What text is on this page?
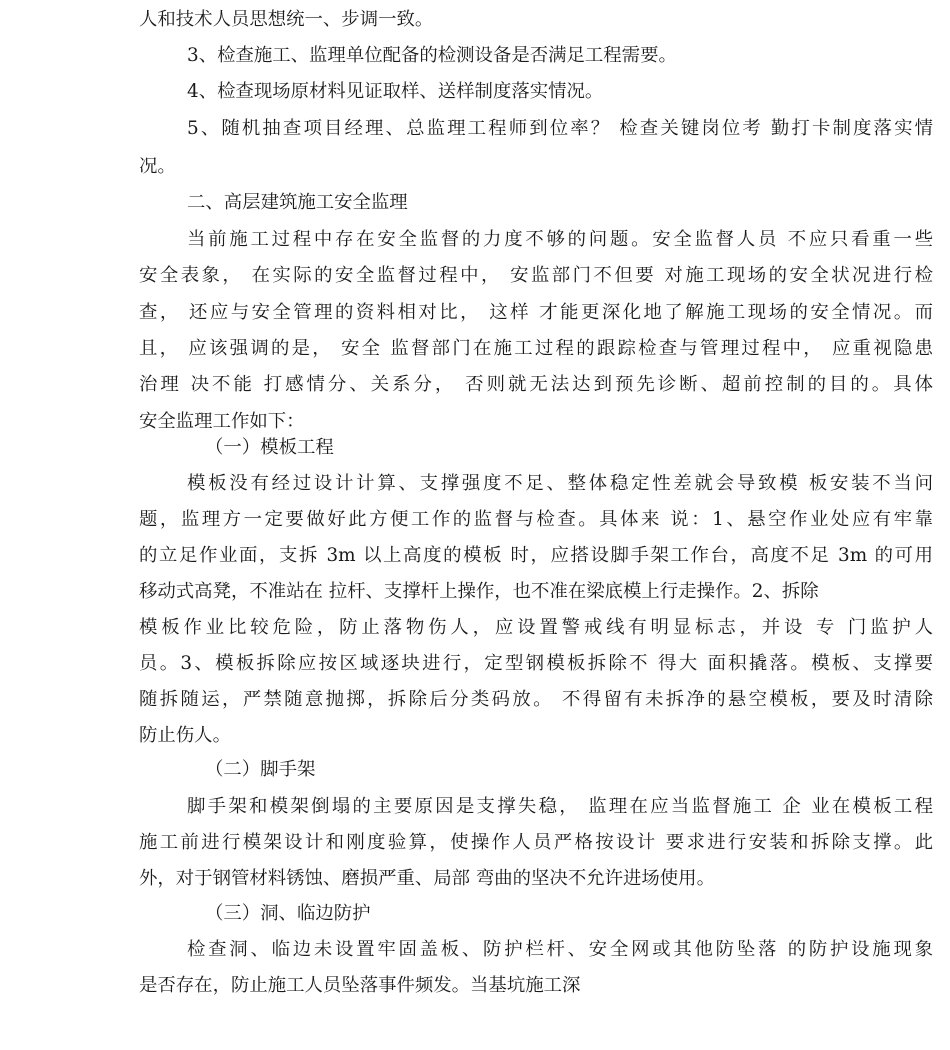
人和技术人员思想统一、步调一致。
3、检查施工、监理单位配备的检测设备是否满足工程需要。
4、检查现场原材料见证取样、送样制度落实情况。
5、随机抽查项目经理、总监理工程师到位率？ 检查关键岗位考 勤打卡制度落实情
况。
二、高层建筑施工安全监理
当前施工过程中存在安全监督的力度不够的问题。安全监督人员 不应只看重一些
安全表象， 在实际的安全监督过程中， 安监部门不但要 对施工现场的安全状况进行检
查， 还应与安全管理的资料相对比， 这样 才能更深化地了解施工现场的安全情况。而
且， 应该强调的是， 安全 监督部门在施工过程的跟踪检查与管理过程中， 应重视隐患
治理 决不能 打感情分、关系分， 否则就无法达到预先诊断、超前控制的目的。具体
安全监理工作如下：
（一）模板工程
模板没有经过设计计算、支撑强度不足、整体稳定性差就会导致模 板安装不当问
题，监理方一定要做好此方便工作的监督与检查。具体来 说：1、悬空作业处应有牢靠
的立足作业面，支拆 3m 以上高度的模板 时，应搭设脚手架工作台，高度不足 3m 的可用
移动式高凳，不准站在 拉杆、支撑杆上操作，也不准在梁底模上行走操作。2、拆除
模板作业比较危险，防止落物伤人，应设置警戒线有明显标志，并设 专 门监护人
员。3、模板拆除应按区域逐块进行，定型钢模板拆除不 得大 面积撬落。模板、支撑要
随拆随运，严禁随意抛掷，拆除后分类码放。 不得留有未拆净的悬空模板，要及时清除
防止伤人。
（二）脚手架
脚手架和模架倒塌的主要原因是支撑失稳， 监理在应当监督施工 企 业在模板工程
施工前进行模架设计和刚度验算，使操作人员严格按设计 要求进行安装和拆除支撑。此
外，对于钢管材料锈蚀、磨损严重、局部 弯曲的坚决不允许进场使用。
（三）洞、临边防护
检查洞、临边未设置牢固盖板、防护栏杆、安全网或其他防坠落 的防护设施现象
是否存在，防止施工人员坠落事件频发。当基坑施工深
